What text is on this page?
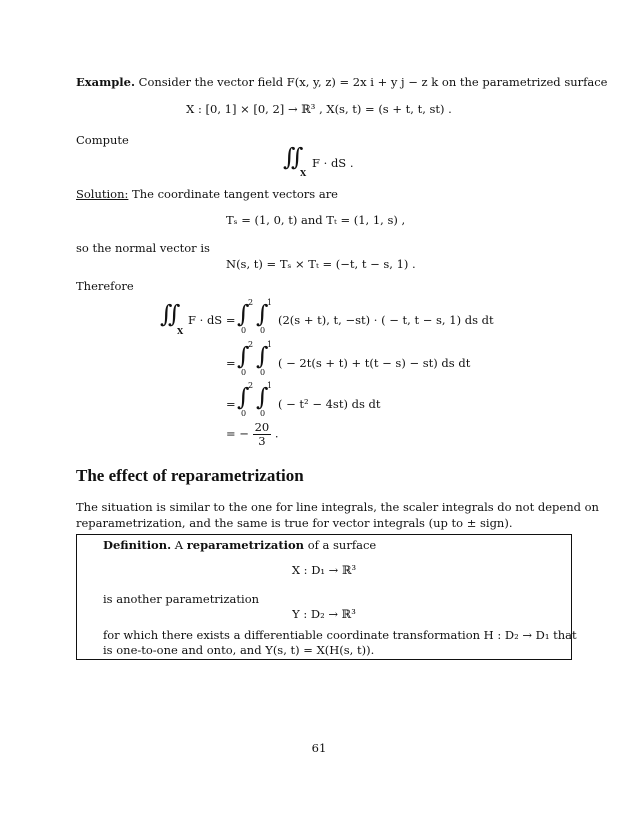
Example. Consider the vector field F(x, y, z) = 2x i + y j − z k on the parametrized surface
X : [0, 1] × [0, 2] → ℝ³ , X(s, t) = (s + t, t, st) .
Compute
∬
X
F · dS .
Solution: The coordinate tangent vectors are
Tₛ = (1, 0, t) and Tₜ = (1, 1, s) ,
so the normal vector is
N(s, t) = Tₛ × Tₜ = (−t, t − s, 1) .
Therefore
∬
X
F · dS = ∫
2
0
∫
1
0
(2(s + t), t, −st) · ( − t, t − s, 1) ds dt
= ∫
2
0
∫
1
0
( − 2t(s + t) + t(t − s) − st) ds dt
= ∫
2
0
∫
1
0
( − t² − 4st) ds dt
= − $\frac{20}{3}$ .
The effect of reparametrization
The situation is similar to the one for line integrals, the scaler integrals do not depend on
reparametrization, and the same is true for vector integrals (up to ± sign).
Definition. A reparametrization of a surface
X : D₁ → ℝ³
is another parametrization
Y : D₂ → ℝ³
for which there exists a differentiable coordinate transformation H : D₂ → D₁ that
is one-to-one and onto, and Y(s, t) = X(H(s, t)).
61
